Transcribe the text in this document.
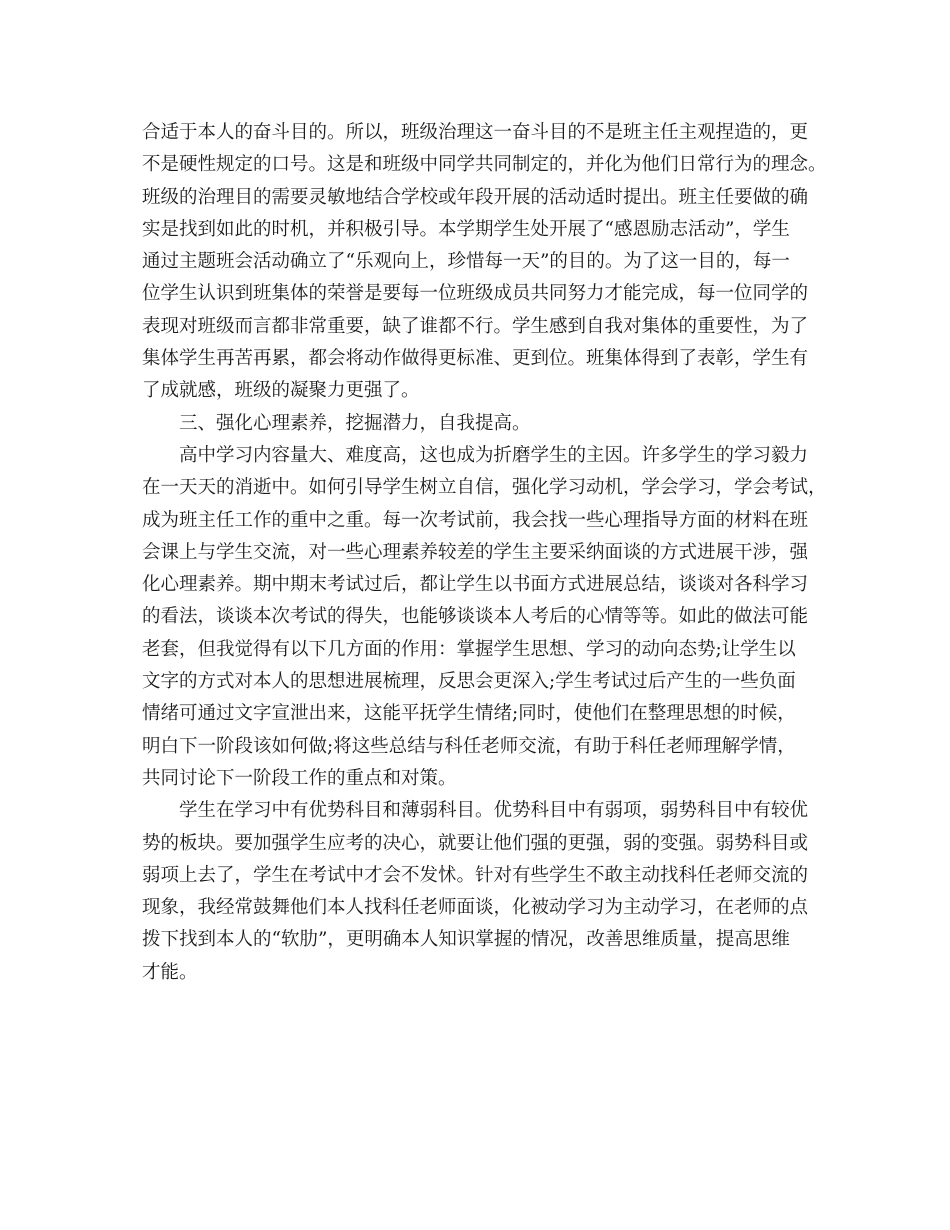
合适于本人的奋斗目的。所以，班级治理这一奋斗目的不是班主任主观捏造的，更
不是硬性规定的口号。这是和班级中同学共同制定的，并化为他们日常行为的理念。
班级的治理目的需要灵敏地结合学校或年段开展的活动适时提出。班主任要做的确
实是找到如此的时机，并积极引导。本学期学生处开展了“感恩励志活动”，学生
通过主题班会活动确立了“乐观向上，珍惜每一天”的目的。为了这一目的，每一
位学生认识到班集体的荣誉是要每一位班级成员共同努力才能完成，每一位同学的
表现对班级而言都非常重要，缺了谁都不行。学生感到自我对集体的重要性，为了
集体学生再苦再累，都会将动作做得更标准、更到位。班集体得到了表彰，学生有
了成就感，班级的凝聚力更强了。
三、强化心理素养，挖掘潜力，自我提高。
高中学习内容量大、难度高，这也成为折磨学生的主因。许多学生的学习毅力
在一天天的消逝中。如何引导学生树立自信，强化学习动机，学会学习，学会考试，
成为班主任工作的重中之重。每一次考试前，我会找一些心理指导方面的材料在班
会课上与学生交流，对一些心理素养较差的学生主要采纳面谈的方式进展干涉，强
化心理素养。期中期末考试过后，都让学生以书面方式进展总结，谈谈对各科学习
的看法，谈谈本次考试的得失，也能够谈谈本人考后的心情等等。如此的做法可能
老套，但我觉得有以下几方面的作用：掌握学生思想、学习的动向态势;让学生以
文字的方式对本人的思想进展梳理，反思会更深入;学生考试过后产生的一些负面
情绪可通过文字宣泄出来，这能平抚学生情绪;同时，使他们在整理思想的时候，
明白下一阶段该如何做;将这些总结与科任老师交流，有助于科任老师理解学情，
共同讨论下一阶段工作的重点和对策。
学生在学习中有优势科目和薄弱科目。优势科目中有弱项，弱势科目中有较优
势的板块。要加强学生应考的决心，就要让他们强的更强，弱的变强。弱势科目或
弱项上去了，学生在考试中才会不发怵。针对有些学生不敢主动找科任老师交流的
现象，我经常鼓舞他们本人找科任老师面谈，化被动学习为主动学习，在老师的点
拨下找到本人的“软肋”，更明确本人知识掌握的情况，改善思维质量，提高思维
才能。
